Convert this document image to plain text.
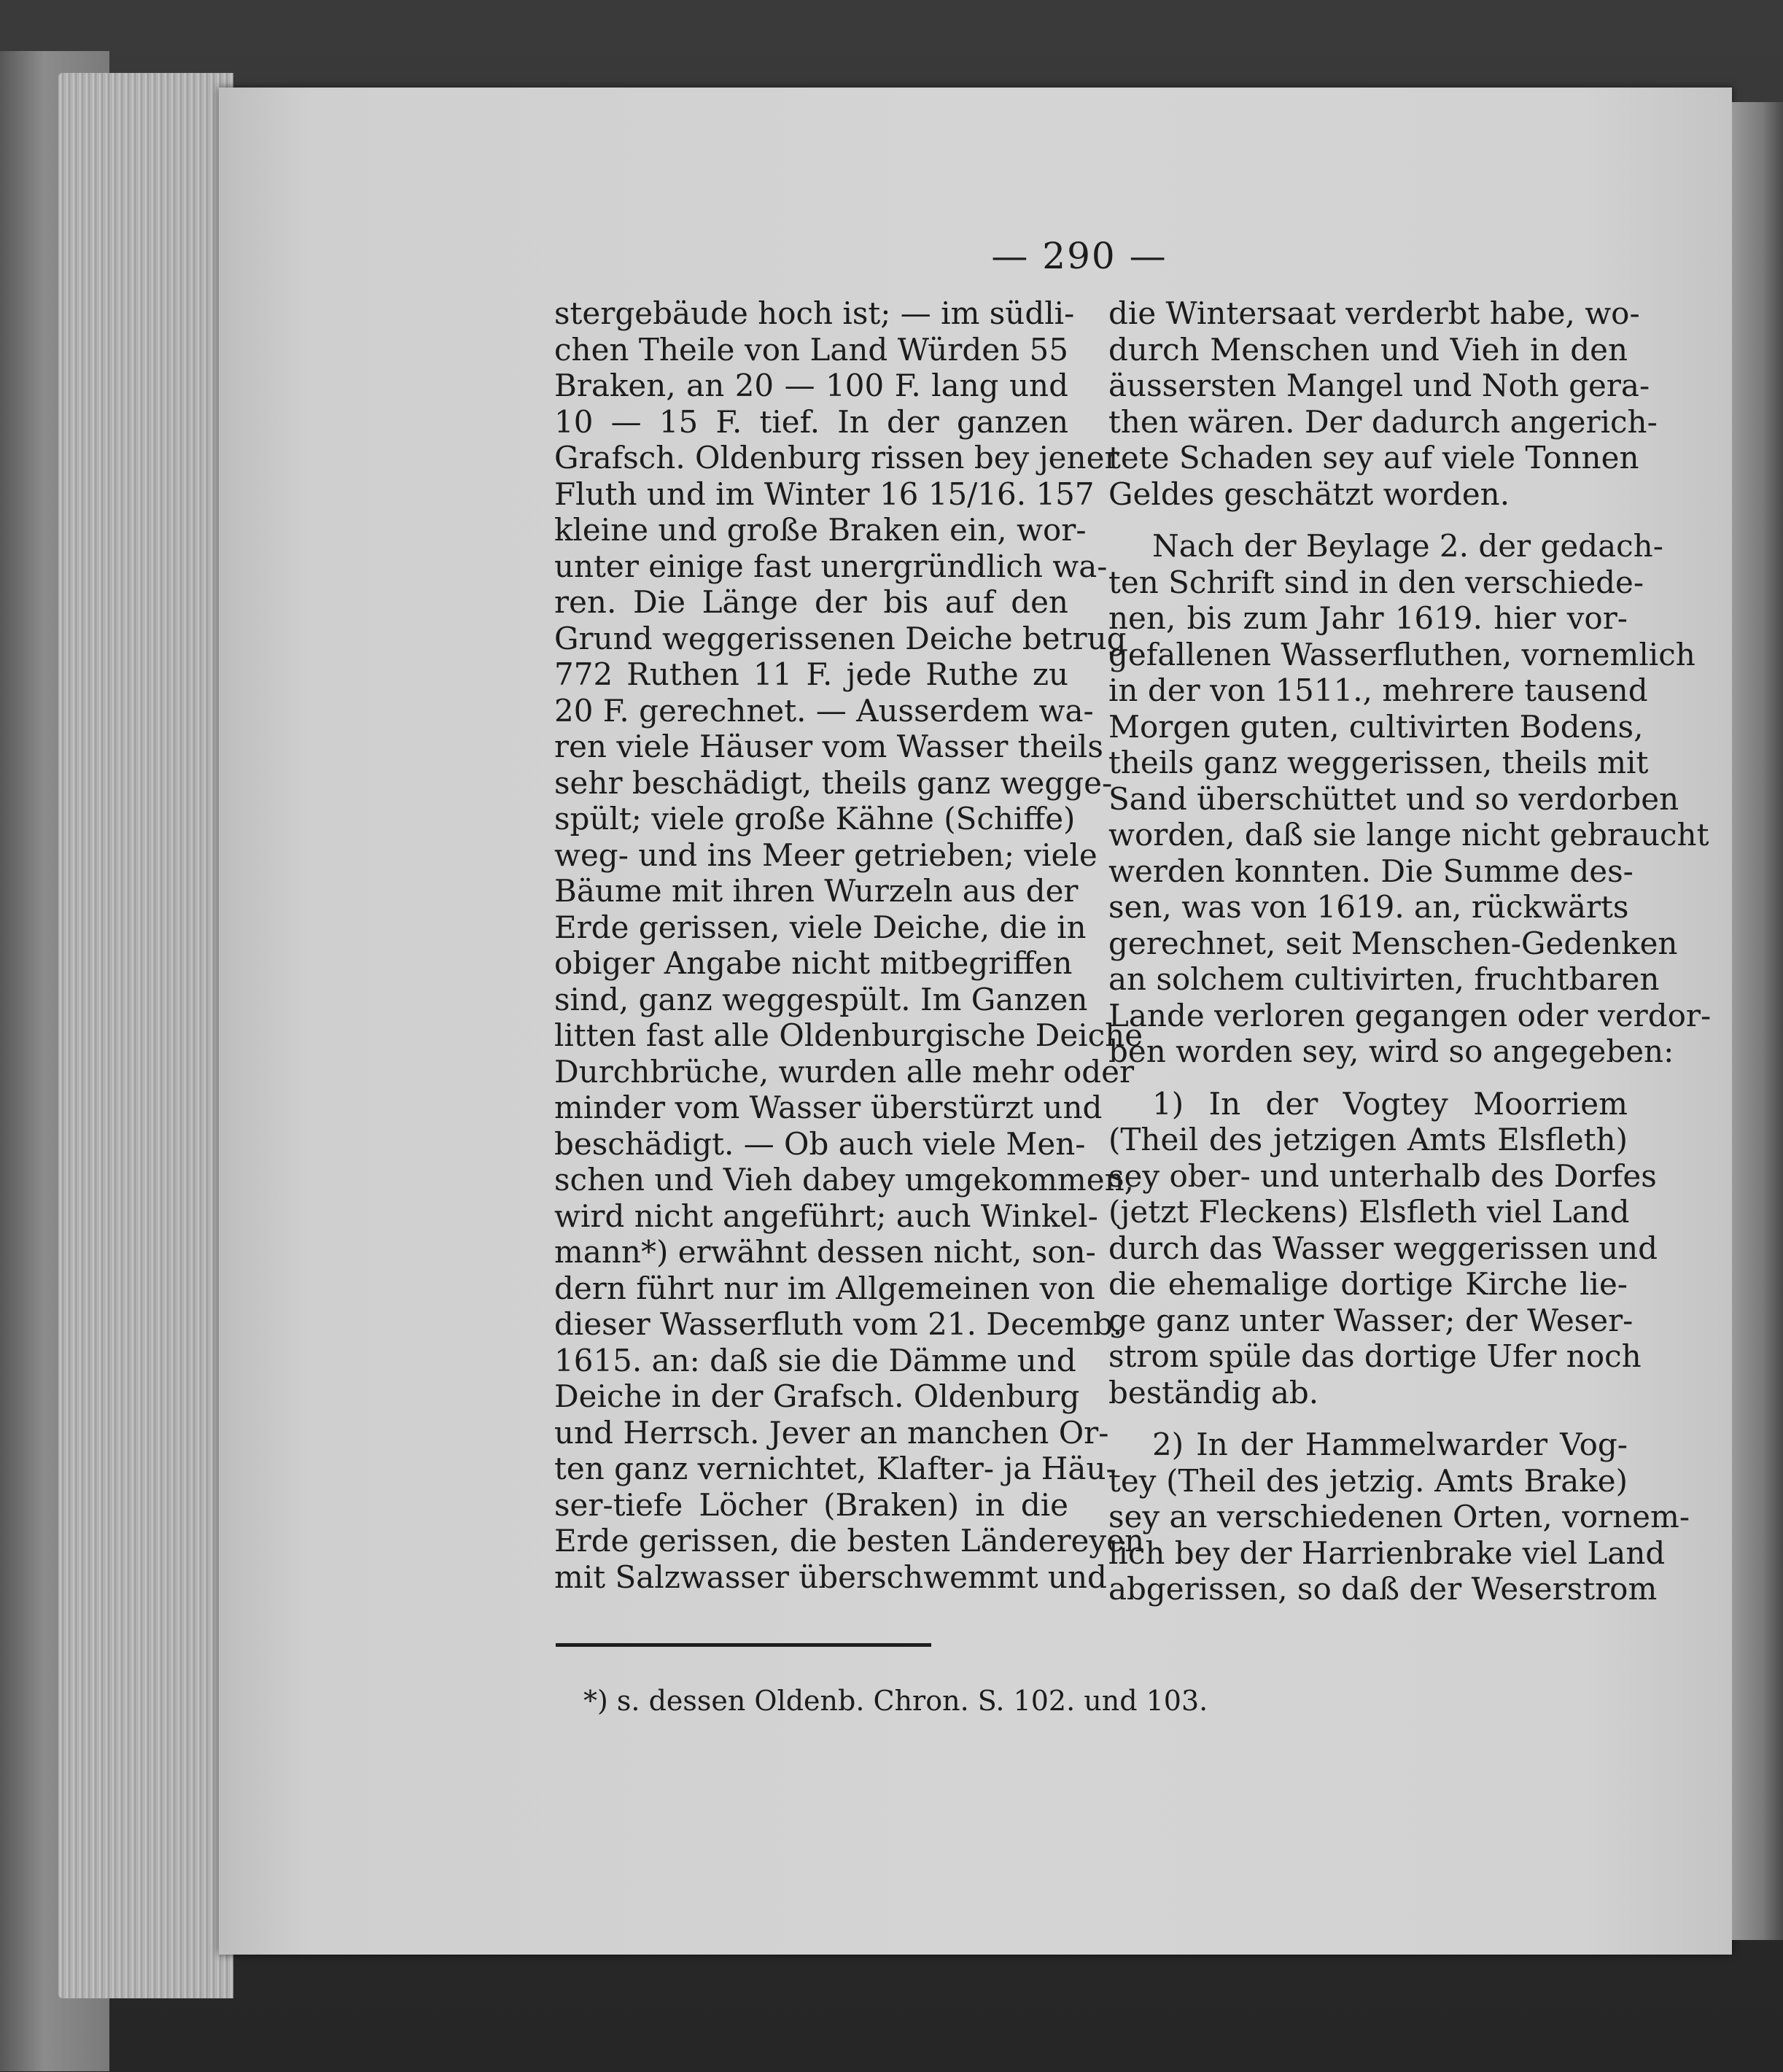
— 290 —
stergebäude hoch ist; — im südli-
chen Theile von Land Würden 55
Braken, an 20 — 100 F. lang und
10 — 15 F. tief. In der ganzen
Grafsch. Oldenburg rissen bey jener
Fluth und im Winter 16 15/16. 157
kleine und große Braken ein, wor-
unter einige fast unergründlich wa-
ren. Die Länge der bis auf den
Grund weggerissenen Deiche betrug
772 Ruthen 11 F. jede Ruthe zu
20 F. gerechnet. — Ausserdem wa-
ren viele Häuser vom Wasser theils
sehr beschädigt, theils ganz wegge-
spült; viele große Kähne (Schiffe)
weg- und ins Meer getrieben; viele
Bäume mit ihren Wurzeln aus der
Erde gerissen, viele Deiche, die in
obiger Angabe nicht mitbegriffen
sind, ganz weggespült. Im Ganzen
litten fast alle Oldenburgische Deiche
Durchbrüche, wurden alle mehr oder
minder vom Wasser überstürzt und
beschädigt. — Ob auch viele Men-
schen und Vieh dabey umgekommen,
wird nicht angeführt; auch Winkel-
mann*) erwähnt dessen nicht, son-
dern führt nur im Allgemeinen von
dieser Wasserfluth vom 21. Decemb.
1615. an: daß sie die Dämme und
Deiche in der Grafsch. Oldenburg
und Herrsch. Jever an manchen Or-
ten ganz vernichtet, Klafter- ja Häu-
ser-tiefe Löcher (Braken) in die
Erde gerissen, die besten Ländereyen
mit Salzwasser überschwemmt und
die Wintersaat verderbt habe, wo-
durch Menschen und Vieh in den
äussersten Mangel und Noth gera-
then wären. Der dadurch angerich-
tete Schaden sey auf viele Tonnen
Geldes geschätzt worden.
Nach der Beylage 2. der gedach-
ten Schrift sind in den verschiede-
nen, bis zum Jahr 1619. hier vor-
gefallenen Wasserfluthen, vornemlich
in der von 1511., mehrere tausend
Morgen guten, cultivirten Bodens,
theils ganz weggerissen, theils mit
Sand überschüttet und so verdorben
worden, daß sie lange nicht gebraucht
werden konnten. Die Summe des-
sen, was von 1619. an, rückwärts
gerechnet, seit Menschen-Gedenken
an solchem cultivirten, fruchtbaren
Lande verloren gegangen oder verdor-
ben worden sey, wird so angegeben:
1) In der Vogtey Moorriem
(Theil des jetzigen Amts Elsfleth)
sey ober- und unterhalb des Dorfes
(jetzt Fleckens) Elsfleth viel Land
durch das Wasser weggerissen und
die ehemalige dortige Kirche lie-
ge ganz unter Wasser; der Weser-
strom spüle das dortige Ufer noch
beständig ab.
2) In der Hammelwarder Vog-
tey (Theil des jetzig. Amts Brake)
sey an verschiedenen Orten, vornem-
lich bey der Harrienbrake viel Land
abgerissen, so daß der Weserstrom
*) s. dessen Oldenb. Chron. S. 102. und 103.
